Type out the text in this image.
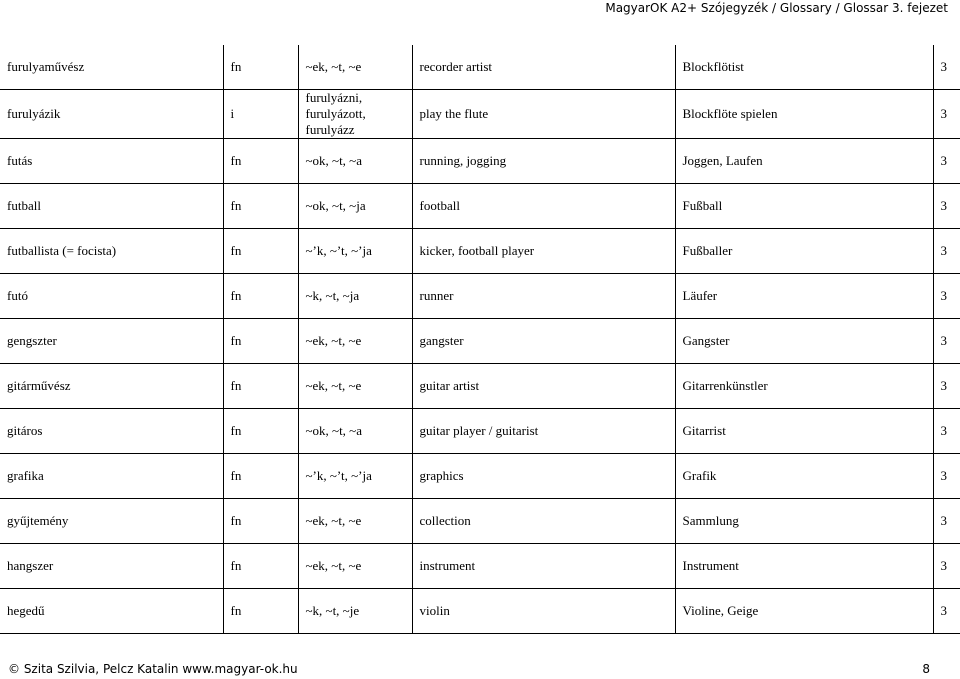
MagyarOK A2+ Szójegyzék / Glossary / Glossar 3. fejezet
furulyaművész	fn	~ek, ~t, ~e	recorder artist	Blockflötist	3
furulyázik	i	furulyázni,
furulyázott,
furulyázz	play the flute	Blockflöte spielen	3
futás	fn	~ok, ~t, ~a	running, jogging	Joggen, Laufen	3
futball	fn	~ok, ~t, ~ja	football	Fußball	3
futballista (= focista)	fn	~’k, ~’t, ~’ja	kicker, football player	Fußballer	3
futó	fn	~k, ~t, ~ja	runner	Läufer	3
gengszter	fn	~ek, ~t, ~e	gangster	Gangster	3
gitárművész	fn	~ek, ~t, ~e	guitar artist	Gitarrenkünstler	3
gitáros	fn	~ok, ~t, ~a	guitar player / guitarist	Gitarrist	3
grafika	fn	~’k, ~’t, ~’ja	graphics	Grafik	3
gyűjtemény	fn	~ek, ~t, ~e	collection	Sammlung	3
hangszer	fn	~ek, ~t, ~e	instrument	Instrument	3
hegedű	fn	~k, ~t, ~je	violin	Violine, Geige	3
© Szita Szilvia, Pelcz Katalin www.magyar-ok.hu	8
